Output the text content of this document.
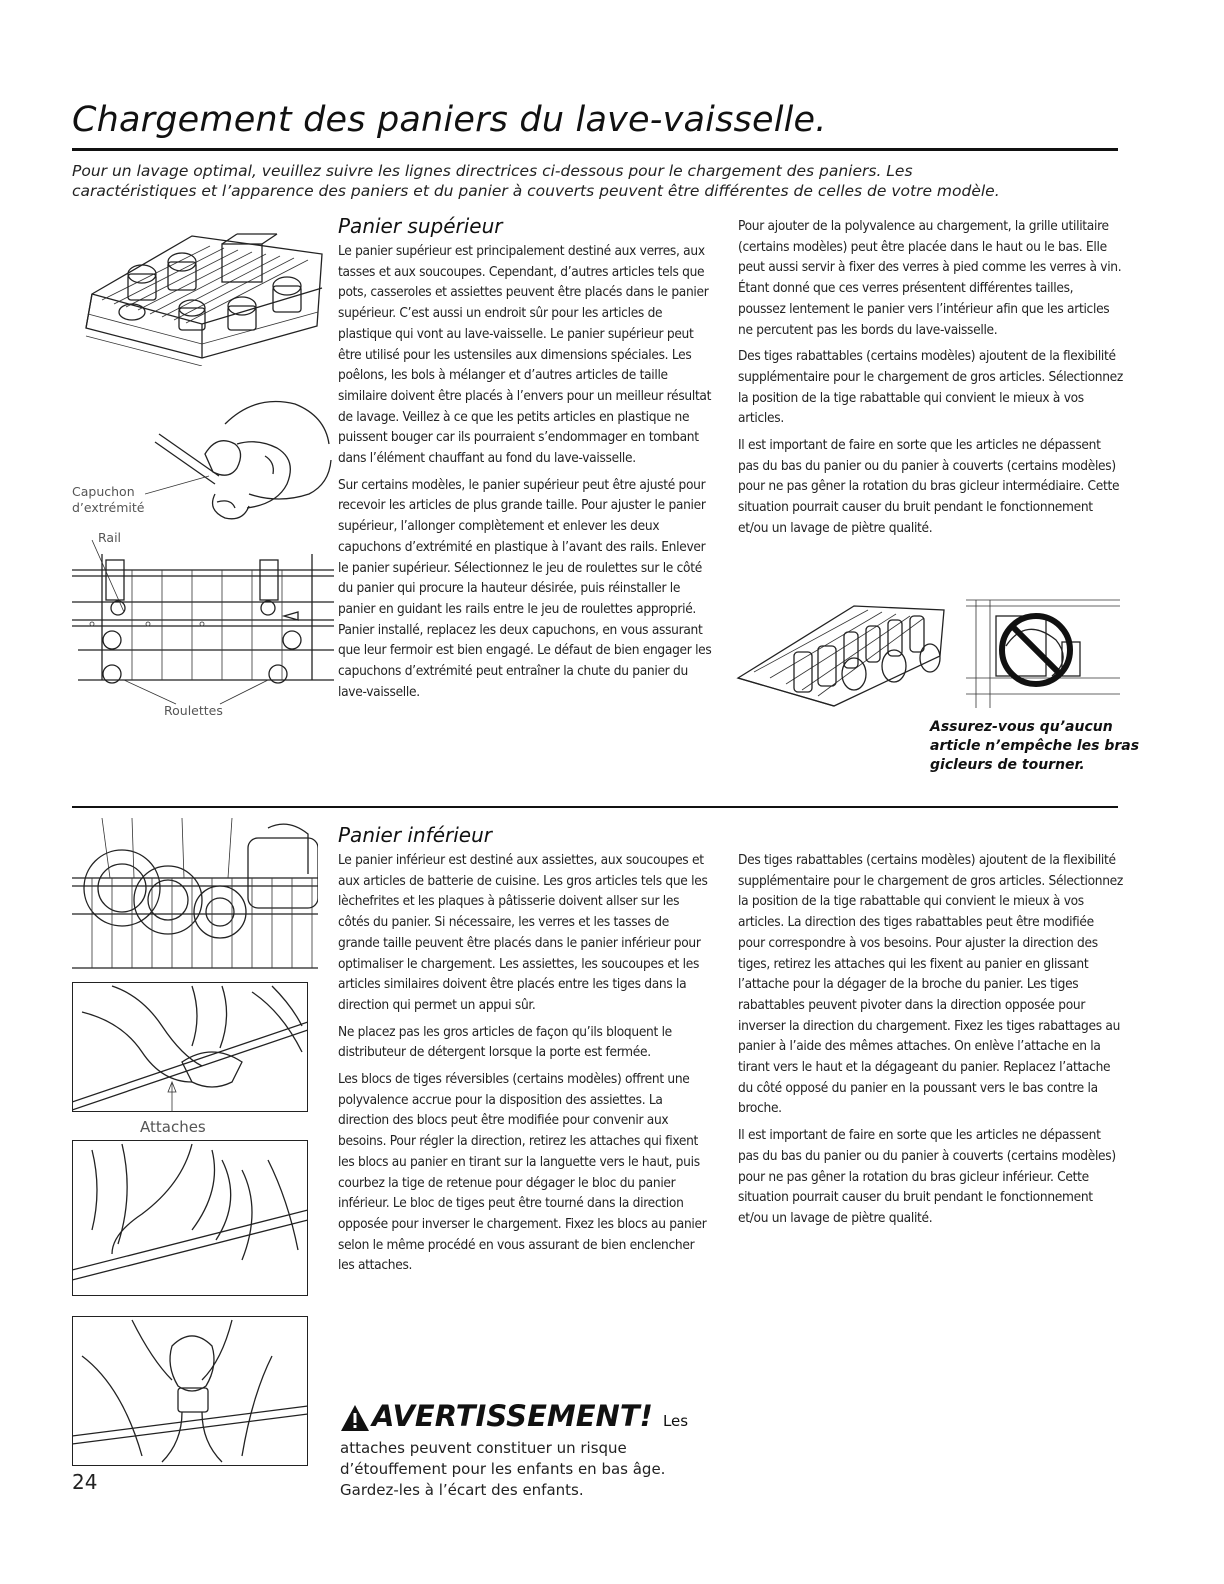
Chargement des paniers du lave-vaisselle.

Pour un lavage optimal, veuillez suivre les lignes directrices ci-dessous pour le chargement des paniers. Les

caractéristiques et l’apparence des paniers et du panier à couverts peuvent être différentes de celles de votre modèle.

Capuchon
d’extrémité
Rail
Roulettes
Panier supérieur

Le panier supérieur est principalement destiné aux verres, aux tasses et aux soucoupes. Cependant, d’autres articles tels que pots, casseroles et assiettes peuvent être placés dans le panier supérieur. C’est aussi un endroit sûr pour les articles de plastique qui vont au lave-vaisselle. Le panier supérieur peut être utilisé pour les ustensiles aux dimensions spéciales. Les poêlons, les bols à mélanger et d’autres articles de taille similaire doivent être placés à l’envers pour un meilleur résultat de lavage. Veillez à ce que les petits articles en plastique ne puissent bouger car ils pourraient s’endommager en tombant dans l’élément chauffant au fond du lave-vaisselle.

Sur certains modèles, le panier supérieur peut être ajusté pour recevoir les articles de plus grande taille. Pour ajuster le panier supérieur, l’allonger complètement et enlever les deux capuchons d’extrémité en plastique à l’avant des rails. Enlever le panier supérieur. Sélectionnez le jeu de roulettes sur le côté du panier qui procure la hauteur désirée, puis réinstaller le panier en guidant les rails entre le jeu de roulettes approprié. Panier installé, replacez les deux capuchons, en vous assurant que leur fermoir est bien engagé. Le défaut de bien engager les capuchons d’extrémité peut entraîner la chute du panier du lave-vaisselle.

Pour ajouter de la polyvalence au chargement, la grille utilitaire (certains modèles) peut être placée dans le haut ou le bas. Elle peut aussi servir à fixer des verres à pied comme les verres à vin. Étant donné que ces verres présentent différentes tailles, poussez lentement le panier vers l’intérieur afin que les articles ne percutent pas les bords du lave-vaisselle.

Des tiges rabattables (certains modèles) ajoutent de la flexibilité supplémentaire pour le chargement de gros articles. Sélectionnez la position de la tige rabattable qui convient le mieux à vos articles.

Il est important de faire en sorte que les articles ne dépassent pas du bas du panier ou du panier à couverts (certains modèles) pour ne pas gêner la rotation du bras gicleur intermédiaire. Cette situation pourrait causer du bruit pendant le fonctionnement et/ou un lavage de piètre qualité.

Assurez-vous qu’aucun
article n’empêche les bras
gicleurs de tourner.
Attaches
24
Panier inférieur

Le panier inférieur est destiné aux assiettes, aux soucoupes et aux articles de batterie de cuisine. Les gros articles tels que les lèchefrites et les plaques à pâtisserie doivent allser sur les côtés du panier. Si nécessaire, les verres et les tasses de grande taille peuvent être placés dans le panier inférieur pour optimaliser le chargement. Les assiettes, les soucoupes et les articles similaires doivent être placés entre les tiges dans la direction qui permet un appui sûr.

Ne placez pas les gros articles de façon qu’ils bloquent le distributeur de détergent lorsque la porte est fermée.

Les blocs de tiges réversibles (certains modèles) offrent une polyvalence accrue pour la disposition des assiettes. La direction des blocs peut être modifiée pour convenir aux besoins. Pour régler la direction, retirez les attaches qui fixent les blocs au panier en tirant sur la languette vers le haut, puis courbez la tige de retenue pour dégager le bloc du panier inférieur. Le bloc de tiges peut être tourné dans la direction opposée pour inverser le chargement. Fixez les blocs au panier selon le même procédé en vous assurant de bien enclencher les attaches.

Des tiges rabattables (certains modèles) ajoutent de la flexibilité supplémentaire pour le chargement de gros articles. Sélectionnez la position de la tige rabattable qui convient le mieux à vos articles. La direction des tiges rabattables peut être modifiée pour correspondre à vos besoins. Pour ajuster la direction des tiges, retirez les attaches qui les fixent au panier en glissant l’attache pour la dégager de la broche du panier. Les tiges rabattables peuvent pivoter dans la direction opposée pour inverser la direction du chargement. Fixez les tiges rabattages au panier à l’aide des mêmes attaches. On enlève l’attache en la tirant vers le haut et la dégageant du panier. Replacez l’attache du côté opposé du panier en la poussant vers le bas contre la broche.

Il est important de faire en sorte que les articles ne dépassent pas du bas du panier ou du panier à couverts (certains modèles) pour ne pas gêner la rotation du bras gicleur inférieur. Cette situation pourrait causer du bruit pendant le fonctionnement et/ou un lavage de piètre qualité.

AVERTISSEMENT! Les
attaches peuvent constituer un risque
d’étouffement pour les enfants en bas âge.
Gardez-les à l’écart des enfants.
